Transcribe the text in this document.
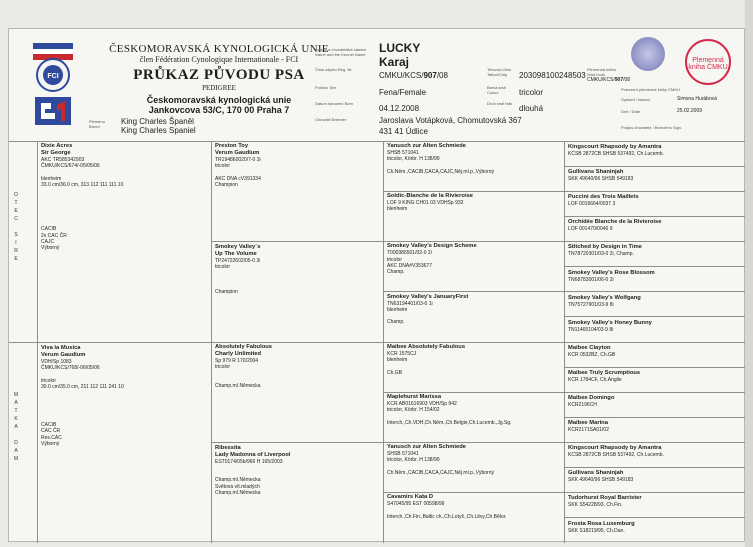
FCI
ČESKOMORAVSKÁ KYNOLOGICKÁ UNIE
člen Fédération Cynologique Internationale - FCI
PRŮKAZ PŮVODU PSA
PEDIGREE
Českomoravská kynologická unie
Jankovcova 53/C, 170 00 Praha 7
Plemeno Breed
King Charles Španěl
King Charles Spaniel
Jméno a chovatelská stanice Name and the Kennel Name	LUCKY
Karaj
Číslo zápisu Reg. Nr.
CMKU/KCS/907/08
Pohlaví Sex
Fena/Female
Datum narození Born
04.12.2008
Chovatel Breeder	Jaroslava Votápková, Chomutovská 367
431 41 Údlice
Tetovací číslo Tattoo/Chip	203098100248503
Barva srsti Colour	tricolor
Druh srsti Hair
dlouhá
Plemenná kniha Stud book
CMKU/KCS/907/08
Plemenná kniha ČMKU
Potvrzení plemenné knihy ČMKU
Vystavil / Issued	Simona Hurábová
Dne / Date	25.02.2009
Podpis chovatele / Breeder's Sign.
O
T
E
C

S
I
R
E
M
A
T
K
A

D
A
M
Dixie Acres
Sir George
AKC TR585342903
ČMKU/KCS/674/-05/05/06

blenheim
33.0 cm/36.0 cm, 313 112 111 111 10

CACIB
2x CAC ČR
CAJC
Výborný
Viva la Musica
Verum Gaudium
VDH/Sp 1083
ČMKU/KCS/768/-06/05/06

tricolor
30.0 cm/35.0 cm, 211 112 111 241 10

CACIB
CAC ČR
Res.CAC
Výborný
Preston Toy
Verum Gaudium
TR194860020/7-0 3i
tricolor

AKC DNA cV391334
Champion
Smokey Valley`s
Up The Volume
TP24722602/05-0 3i
tricolor

Champion
Absolutely Fabulous
Charly Unlimited
Sp 979 R 170/2004
tricolor

Champ.mI.Německa
Ribessita
Lady Madonna of Liverpool
EST0174/05b/966 H 165/2003

Champ.mI.Německa
Světová vít.mladých
Champ.mI.Německa
Yanusch zur Alten Schmiede
SHSB 571041
tricolor, Körbr. H 138/99

Ch.Něm.,CACIB,CACA,CAJC,Něj.ml.p.,Výborný
Soldic-Blanche de la Rivieroise
LOF 9 KING CH01 03 VDHSp 932
blenheim
Smokey Valley's Design Scheme
T000386501/02-0 2i
tricolor
AKC DNA#V353677
Champ.
Smokey Valley's JanuaryFirst
TN63194401/03-0 1i
blenheim

Champ.
Maibee Absolutely Fabulous
KCR 1575CJ
blenheim

Ch.GB
Maplehurst Marissa
KCR AB01616903 VDH/Sp 942
tricolor, Körbr. H 154/02

Interch.,Ch.VDH,Ch.Něm.,Ch.Belgie,Ch.Lucemb.,Jg.Sg.
Yanusch zur Alten Schmiede
SHSB 571041
tricolor, Körbr. H 138/99

Ch.Něm.,CACIB,CACA,CAJC,Něj.ml.p.,Výborný
Cavamirs Kata D
S47045/95 EST 00598/99

Interch.,Ch.Fin.,Baltic ch.,Ch.Lotyš.,Ch.Litvy,Ch.Bělor.
Kingscourt Rhapsody by Amantra
KCSB 2872CB SHSB 537492, Ch.Lucemb.
Gullivans Shaninjah
SKK 49640/96 SHSB 549183
Puccini des Trois Maillets
LOF 0016664/0037 3
Orchidée Blanche de la Rivieroise
LOF 001470/0046 9
Stitched by Design in Time
TN78720301/03-0 2i, Champ.
Smokey Valley's Rose Blossom
TN68783001/06-0 2i
Smokey Valley's Wolfgang
TN75727901/03-9 8i
Smokey Valley's Honey Bunny
TN11465104/03-9 8i
Maibee Clayton
KCR 0532BZ, Ch.GB
Maibee Truly Scrumptious
KCR 1784CF, Ch.Anglie
Maibee Domingo
KCR2196CH
Maibee Marina
KCR2171SA01/02
Kingscourt Rhapsody by Amantra
KCSB 2872CB SHSB 537492, Ch.Lucemb.
Gullivans Shaninjah
SKK 49640/96 SHSB 549183
Tudorhurst Royal Barrister
SKK S54228/93, Ch.Fin.
Frosta Rosa Luxemburg
SKK S18219/95, Ch.Dan.
